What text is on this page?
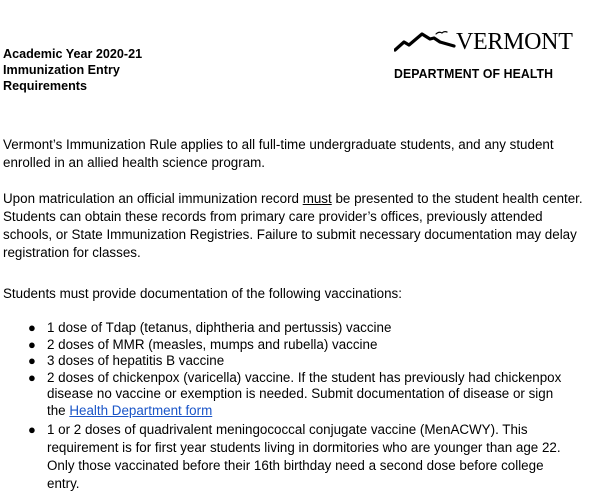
Academic Year 2020-21
Immunization Entry
Requirements
VERMONT
DEPARTMENT OF HEALTH

Vermont’s Immunization Rule applies to all full-time undergraduate students, and any student enrolled in an allied health science program.

Upon matriculation an official immunization record must be presented to the student health center. Students can obtain these records from primary care provider’s offices, previously attended schools, or State Immunization Registries. Failure to submit necessary documentation may delay registration for classes.

Students must provide documentation of the following vaccinations:

● 1 dose of Tdap (tetanus, diphtheria and pertussis) vaccine
● 2 doses of MMR (measles, mumps and rubella) vaccine
● 3 doses of hepatitis B vaccine
● 2 doses of chickenpox (varicella) vaccine. If the student has previously had chickenpox disease no vaccine or exemption is needed. Submit documentation of disease or sign the Health Department form
● 1 or 2 doses of quadrivalent meningococcal conjugate vaccine (MenACWY). This requirement is for first year students living in dormitories who are younger than age 22. Only those vaccinated before their 16th birthday need a second dose before college entry.
